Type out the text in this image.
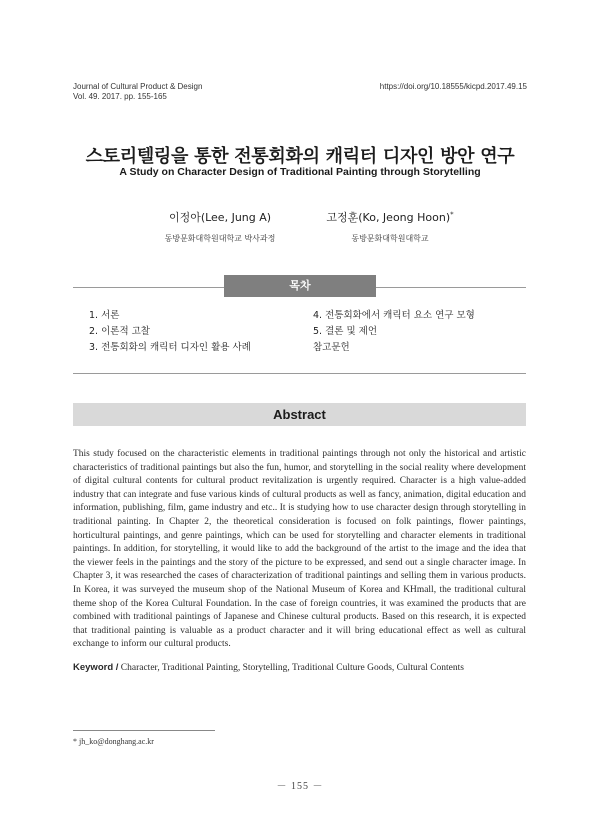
Journal of Cultural Product & Design
Vol. 49. 2017. pp. 155-165
https://doi.org/10.18555/kicpd.2017.49.15
스토리텔링을 통한 전통회화의 캐릭터 디자인 방안 연구
A Study on Character Design of Traditional Painting through Storytelling
이정아(Lee, Jung A)
동방문화대학원대학교 박사과정
고정훈(Ko, Jeong Hoon)*
동방문화대학원대학교
목차
1. 서론
2. 이론적 고찰
3. 전통회화의 캐릭터 디자인 활용 사례
4. 전통회화에서 캐릭터 요소 연구 모형
5. 결론 및 제언
참고문헌
Abstract
This study focused on the characteristic elements in traditional paintings through not only the historical and artistic characteristics of traditional paintings but also the fun, humor, and storytelling in the social reality where development of digital cultural contents for cultural product revitalization is urgently required. Character is a high value-added industry that can integrate and fuse various kinds of cultural products as well as fancy, animation, digital education and information, publishing, film, game industry and etc.. It is studying how to use character design through storytelling in traditional painting. In Chapter 2, the theoretical consideration is focused on folk paintings, flower paintings, horticultural paintings, and genre paintings, which can be used for storytelling and character elements in traditional paintings. In addition, for storytelling, it would like to add the background of the artist to the image and the idea that the viewer feels in the paintings and the story of the picture to be expressed, and send out a single character image. In Chapter 3, it was researched the cases of characterization of traditional paintings and selling them in various products. In Korea, it was surveyed the museum shop of the National Museum of Korea and KHmall, the traditional cultural theme shop of the Korea Cultural Foundation. In the case of foreign countries, it was examined the products that are combined with traditional paintings of Japanese and Chinese cultural products. Based on this research, it is expected that traditional painting is valuable as a product character and it will bring educational effect as well as cultural exchange to inform our cultural products.
Keyword / Character, Traditional Painting, Storytelling, Traditional Culture Goods, Cultural Contents
* jh_ko@donghang.ac.kr
－ 155 －
